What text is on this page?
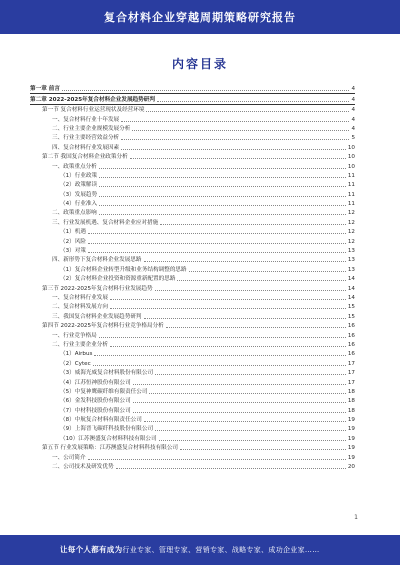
复合材料企业穿越周期策略研究报告
内容目录
第一章 前言	4
第二章 2022-2025年复合材料企业发展趋势研判	4
第一节 复合材料行业运营现状及经营环境	4
一、复合材料行业十年发展	4
二、行业主要企业规模发展分析	4
三、行业主要经营效益分析	5
四、复合材料行业发展因素	10
第二节 我国复合材料企业政策分析	10
一、政策重点分析	10
（1）行业政策	11
（2）政策解读	11
（3）发展趋势	11
（4）行业准入	11
二、政策重点影响	12
三、行业发展机遇、复合材料企业应对措施	12
（1）机遇	12
（2）风险	12
（3）对策	13
四、新形势下复合材料企业发展思路	13
（1）复合材料企业转型升级和业务结构调整的思路	13
（2）复合材料企业投资和资源重新配置的思路	14
第三节 2022-2025年复合材料行业发展趋势	14
一、复合材料行业发展	14
二、复合材料发展方向	15
三、我国复合材料企业发展趋势研判	15
第四节 2022-2025年复合材料行业竞争格局分析	16
一、行业竞争格局	16
二、行业主要企业分析	16
（1）Airbus	16
（2）Cytec	17
（3）威海光威复合材料股份有限公司	17
（4）江苏恒神股份有限公司	17
（5）中复神鹰碳纤维有限责任公司	18
（6）金发科技股份有限公司	18
（7）中材科技股份有限公司	18
（8）中航复合材料有限责任公司	19
（9）上海晋飞碳纤科技股份有限公司	19
（10）江苏澳盛复合材料科技有限公司	19
第五节 行业发展策略：江苏澳盛复合材料科技有限公司	19
一、公司简介	19
二、公司技术及研发优势	20
1
让每个人都有成为行业专家、管理专家、营销专家、战略专家、成功企业家……
